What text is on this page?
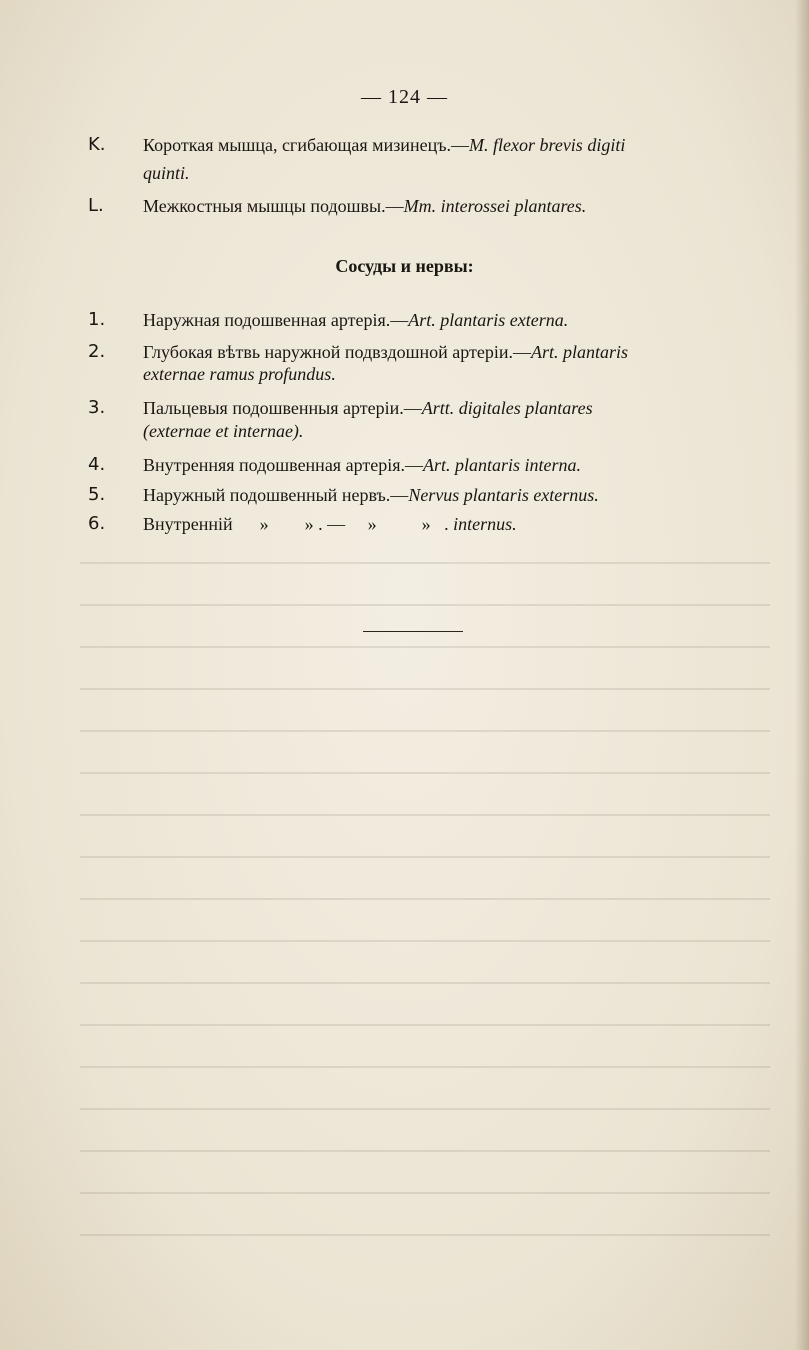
— 124 —
K.	Короткая мышца, сгибающая мизинецъ.—M. flexor brevis digiti
quinti.
L.	Межкостныя мышцы подошвы.—Mm. interossei plantares.
Сосуды и нервы:
1.	Наружная подошвенная артерія.—Art. plantaris externa.
2.	Глубокая вѣтвь наружной подвздошной артеріи.—Art. plantaris
externae ramus profundus.
3.	Пальцевыя подошвенныя артеріи.—Artt. digitales plantares
(externae et internae).
4.	Внутренняя подошвенная артерія.—Art. plantaris interna.
5.	Наружный подошвенный нервъ.—Nervus plantaris externus.
6.	Внутренній      »        » . —     »          »   . internus.
